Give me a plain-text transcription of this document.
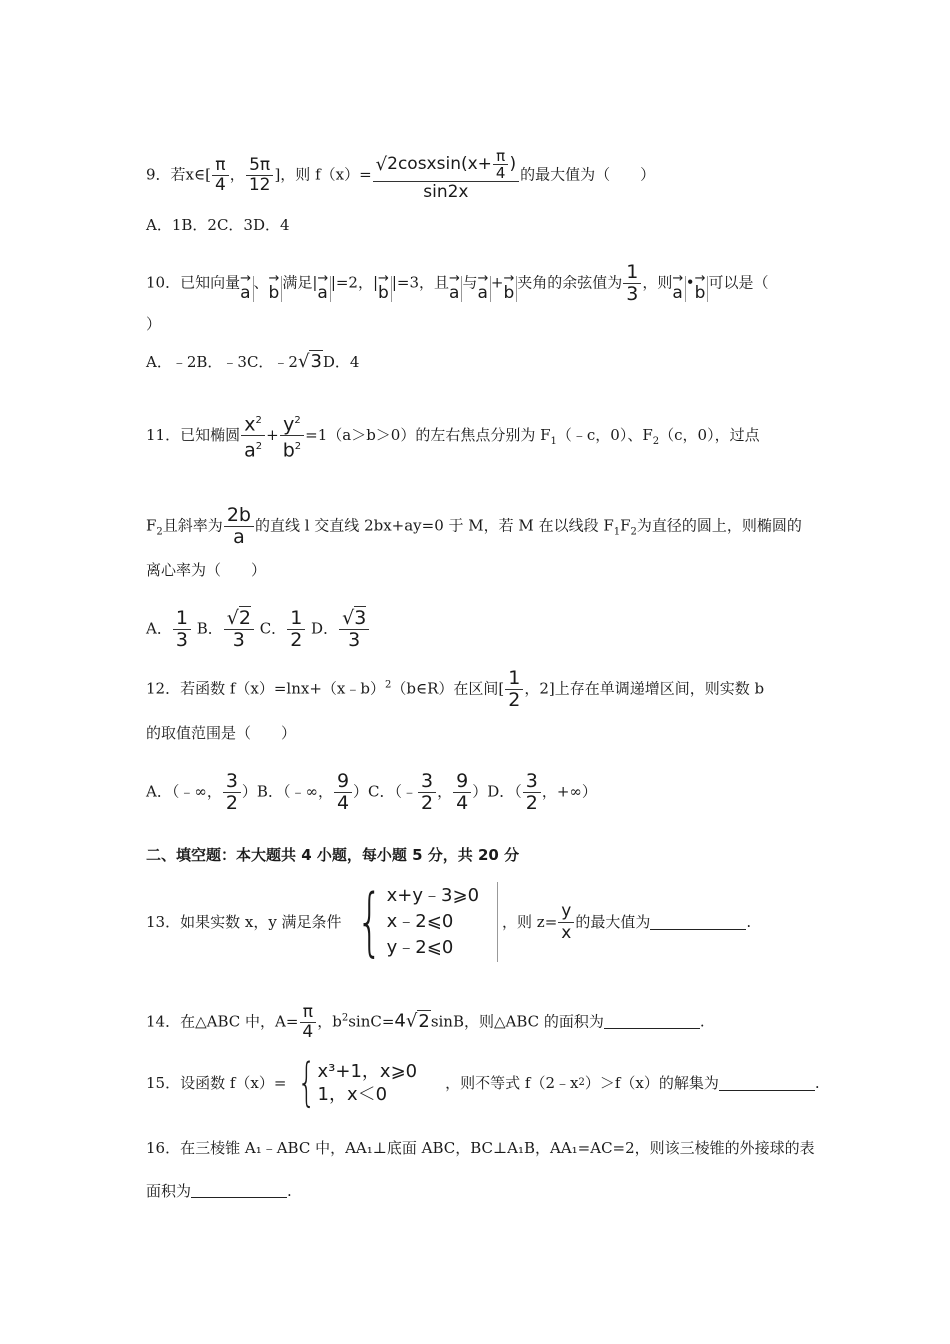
9．若x∈[ $\frac{\pi}{4}$ ， $\frac{5\pi}{12}$ ]，则 $f(x)= \frac{√ 2cosxsin(x+ \frac{\pi}{4} )}{\sin 2x}$ 的最大值为（　　）
A．1B．2C．3D．4
10．已知向量→ a 、→ b 满足|→ a |=2，|→ b |=3，且→ a 与→ a +→ b 夹角的余弦值为 $\frac{1}{3}$ ，则→ a •→ b 可以是（
）
A．﹣2B．﹣3C．﹣2√3D．4
11．已知椭圆 $\frac{x^2}{a^2} + \frac{y^2}{b^2} =1(a>b>0)$的左右焦点分别为 $F_1(﹣c$，0）、$F_2(c$，0），过点
$F_2$且斜率为 $\frac{2b}{a}$ 的直线 l 交直线 2bx+ay=0 于 M，若 M 在以线段 $F_1F_2$为直径的圆上，则椭圆的
离心率为（　　）
A． $\frac{1}{3}$ B． $\frac{√2}{3}$ C． $\frac{1}{2}$ D． $\frac{√3}{3}$
12．若函数 f（x）=lnx+（x﹣b）$^2$（b∈R）在区间[ $\frac{1}{2}$ ，2]上存在单调递增区间，则实数 b
的取值范围是（　　）
A．（﹣∞， $\frac{3}{2} )B$．（﹣∞， $\frac{9}{4} )C$．（﹣ $\frac{3}{2}$ ， $\frac{9}{4} )D$．（ $\frac{3}{2}$ ，+∞）
二、填空题：本大题共 4 小题，每小题 5 分，共 20 分
13．如果实数 x，y 满足条件 { x+y﹣3⩾0
x﹣2⩽0
y﹣2⩽0
，则 $z= \frac{y}{x}$ 的最大值为	.
14．在△ABC 中，$A= \frac{\pi}{4}$ ，$b^2\sin C=4√2\sin B$，则△ABC 的面积为	.
15．设函数 f（x）= { x³+1，x⩾0
1，x＜0
，则不等式 f（2﹣x 2 ）＞f（x）的解集为	.
16．在三棱锥 A₁﹣ABC 中，AA₁⊥底面 ABC，BC⊥A₁B，AA₁=AC=2，则该三棱锥的外接球的表
面积为	.
